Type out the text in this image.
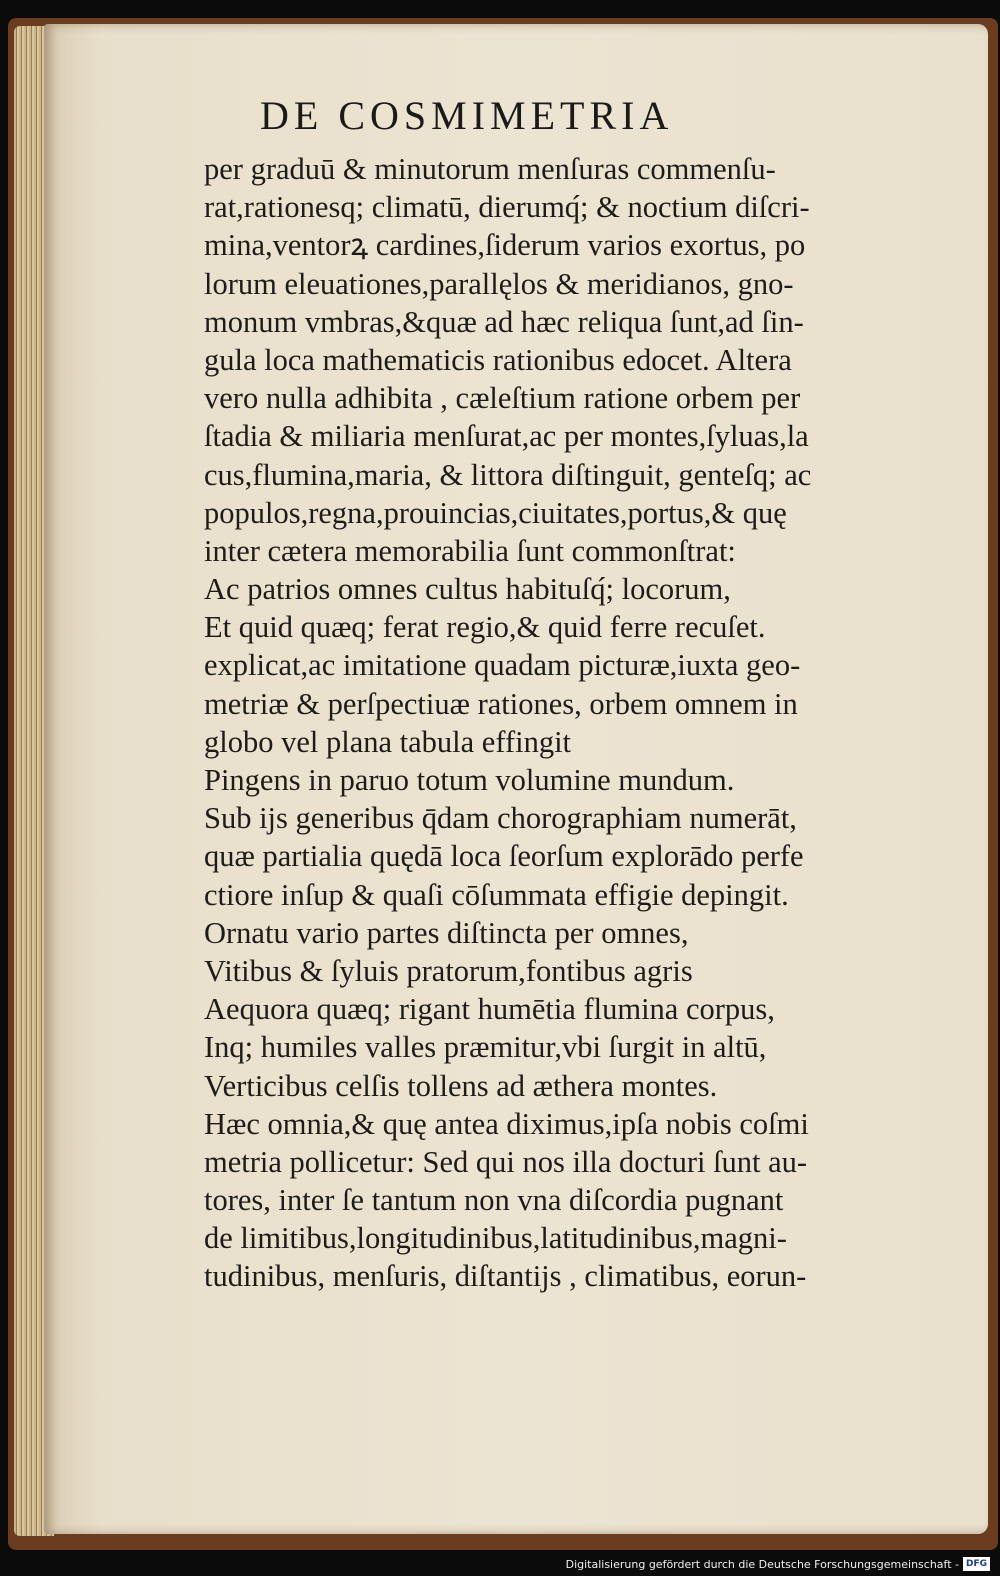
DE COSMIMETRIA
per graduū & minutorum menſuras commenſu-
rat,rationesq; climatū, dierumq́; & noctium diſcri-
mina,ventorꝝ cardines,ſiderum varios exortus, po
lorum eleuationes,parallęlos & meridianos, gno-
monum vmbras,&quæ ad hæc reliqua ſunt,ad ſin-
gula loca mathematicis rationibus edocet. Altera
vero nulla adhibita , cæleſtium ratione orbem per
ſtadia & miliaria menſurat,ac per montes,ſyluas,la
cus,flumina,maria, & littora diſtinguit, genteſq; ac
populos,regna,prouincias,ciuitates,portus,& quę
inter cætera memorabilia ſunt commonſtrat:
Ac patrios omnes cultus habituſq́; locorum,
Et quid quæq; ferat regio,& quid ferre recuſet.
explicat,ac imitatione quadam picturæ,iuxta geo-
metriæ & perſpectiuæ rationes, orbem omnem in
globo vel plana tabula effingit
Pingens in paruo totum volumine mundum.
Sub ijs generibus q̄dam chorographiam numerāt,
quæ partialia quędā loca ſeorſum explorādo perfe
ctiore inſup & quaſi cōſummata effigie depingit.
Ornatu vario partes diſtincta per omnes,
Vitibus & ſyluis pratorum,fontibus agris
Aequora quæq; rigant humētia flumina corpus,
Inq; humiles valles præmitur,vbi ſurgit in altū,
Verticibus celſis tollens ad æthera montes.
Hæc omnia,& quę antea diximus,ipſa nobis coſmi
metria pollicetur: Sed qui nos illa docturi ſunt au-
tores, inter ſe tantum non vna diſcordia pugnant
de limitibus,longitudinibus,latitudinibus,magni-
tudinibus, menſuris, diſtantijs , climatibus, eorun-
Digitalisierung gefördert durch die Deutsche Forschungsgemeinschaft - DFG
